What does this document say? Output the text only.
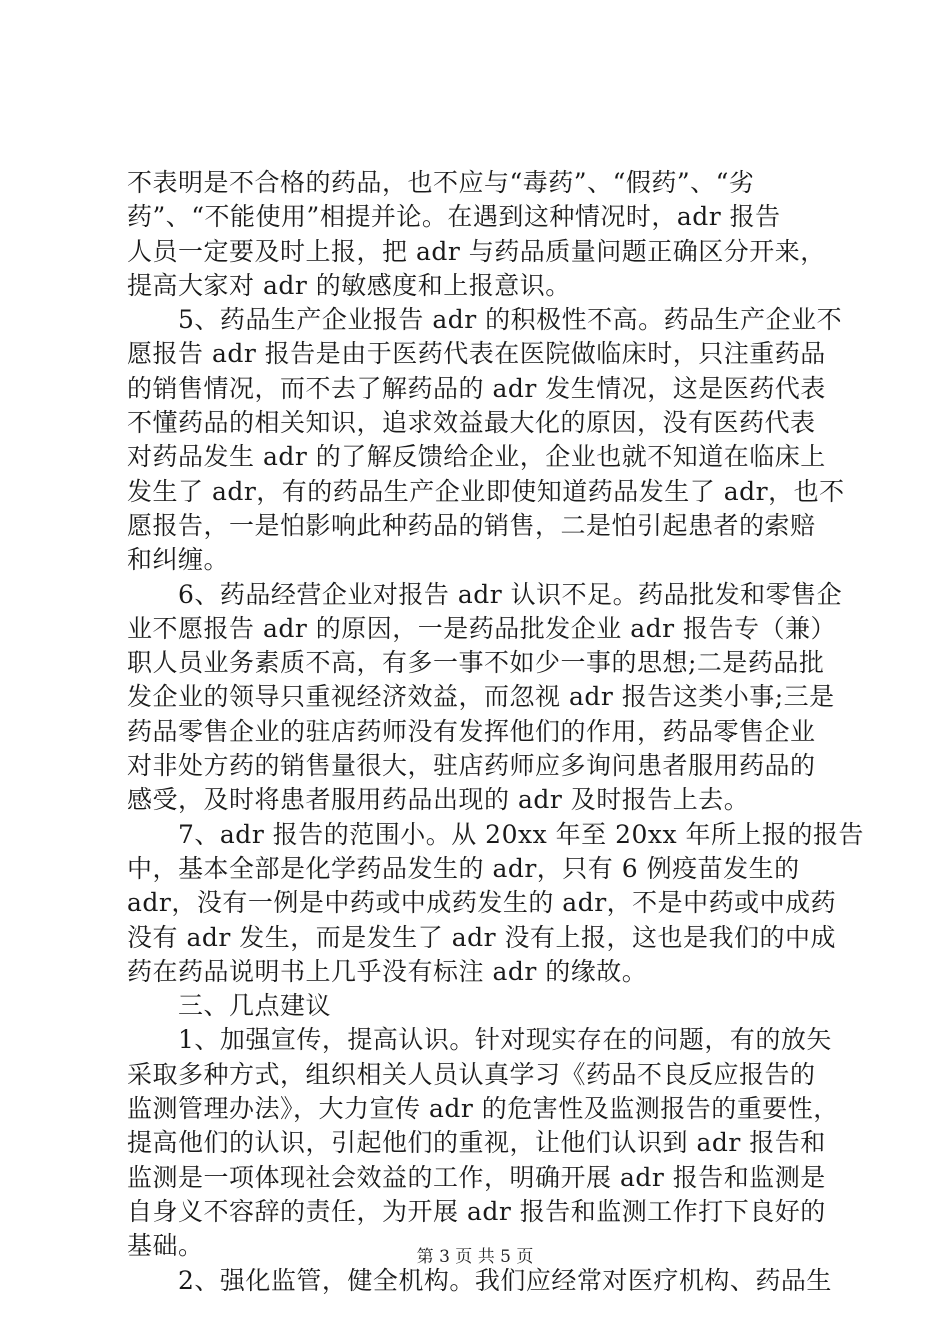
不表明是不合格的药品，也不应与“毒药”、“假药”、“劣
药”、“不能使用”相提并论。在遇到这种情况时，adr 报告
人员一定要及时上报，把 adr 与药品质量问题正确区分开来，
提高大家对 adr 的敏感度和上报意识。
　　5、药品生产企业报告 adr 的积极性不高。药品生产企业不
愿报告 adr 报告是由于医药代表在医院做临床时，只注重药品
的销售情况，而不去了解药品的 adr 发生情况，这是医药代表
不懂药品的相关知识，追求效益最大化的原因，没有医药代表
对药品发生 adr 的了解反馈给企业，企业也就不知道在临床上
发生了 adr，有的药品生产企业即使知道药品发生了 adr，也不
愿报告，一是怕影响此种药品的销售，二是怕引起患者的索赔
和纠缠。
　　6、药品经营企业对报告 adr 认识不足。药品批发和零售企
业不愿报告 adr 的原因，一是药品批发企业 adr 报告专（兼）
职人员业务素质不高，有多一事不如少一事的思想;二是药品批
发企业的领导只重视经济效益，而忽视 adr 报告这类小事;三是
药品零售企业的驻店药师没有发挥他们的作用，药品零售企业
对非处方药的销售量很大，驻店药师应多询问患者服用药品的
感受，及时将患者服用药品出现的 adr 及时报告上去。
　　7、adr 报告的范围小。从 20xx 年至 20xx 年所上报的报告
中，基本全部是化学药品发生的 adr，只有 6 例疫苗发生的
adr，没有一例是中药或中成药发生的 adr，不是中药或中成药
没有 adr 发生，而是发生了 adr 没有上报，这也是我们的中成
药在药品说明书上几乎没有标注 adr 的缘故。
　　三、几点建议
　　1、加强宣传，提高认识。针对现实存在的问题，有的放矢
采取多种方式，组织相关人员认真学习《药品不良反应报告的
监测管理办法》，大力宣传 adr 的危害性及监测报告的重要性，
提高他们的认识，引起他们的重视，让他们认识到 adr 报告和
监测是一项体现社会效益的工作，明确开展 adr 报告和监测是
自身义不容辞的责任，为开展 adr 报告和监测工作打下良好的
基础。
　　2、强化监管，健全机构。我们应经常对医疗机构、药品生
第 3 页 共 5 页
